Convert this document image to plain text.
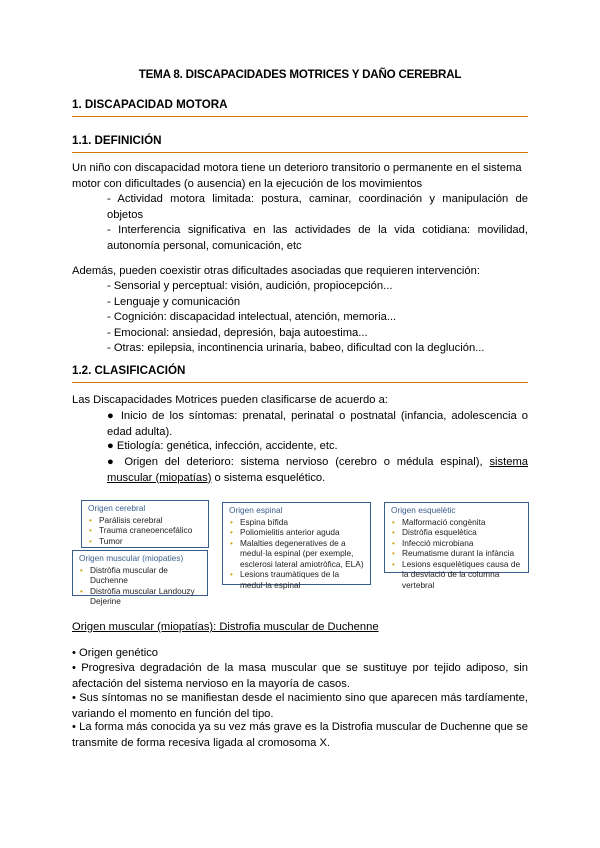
TEMA 8. DISCAPACIDADES MOTRICES Y DAÑO CEREBRAL
1. DISCAPACIDAD MOTORA
1.1. DEFINICIÓN
Un niño con discapacidad motora tiene un deterioro transitorio o permanente en el sistema
motor con dificultades (o ausencia) en la ejecución de los movimientos
- Actividad motora limitada: postura, caminar, coordinación y manipulación de objetos
- Interferencia significativa en las actividades de la vida cotidiana: movilidad, autonomía personal, comunicación, etc
Además, pueden coexistir otras dificultades asociadas que requieren intervención:
- Sensorial y perceptual: visión, audición, propiocepción...
- Lenguaje y comunicación
- Cognición: discapacidad intelectual, atención, memoria...
- Emocional: ansiedad, depresión, baja autoestima...
- Otras: epilepsia, incontinencia urinaria, babeo, dificultad con la deglución...
1.2. CLASIFICACIÓN
Las Discapacidades Motrices pueden clasificarse de acuerdo a:
● Inicio de los síntomas: prenatal, perinatal o postnatal (infancia, adolescencia o edad adulta).
● Etiología: genética, infección, accidente, etc.
● Origen del deterioro: sistema nervioso (cerebro o médula espinal), sistema muscular (miopatías) o sistema esquelético.
Origen cerebral
• Parálisis cerebral
• Trauma craneoencefálico
• Tumor
Origen espinal
• Espina bífida
• Poliomielitis anterior aguda
• Malalties degeneratives de a medul·la espinal (per exemple, esclerosi lateral amiotròfica, ELA)
• Lesions traumàtiques de la medul·la espinal
Origen esquelètic
• Malformació congènita
• Distròfia esquelètica
• Infecció microbiana
• Reumatisme durant la infància
• Lesions esquelètiques causa de la desviació de la columna vertebral
Origen muscular (miopaties)
• Distròfia muscular de Duchenne
• Distròfia muscular Landouzy Dejerine
Origen muscular (miopatías): Distrofia muscular de Duchenne
• Origen genético
• Progresiva degradación de la masa muscular que se sustituye por tejido adiposo, sin afectación del sistema nervioso en la mayoría de casos.
• Sus síntomas no se manifiestan desde el nacimiento sino que aparecen más tardíamente, variando el momento en función del tipo.
• La forma más conocida ya su vez más grave es la Distrofia muscular de Duchenne que se transmite de forma recesiva ligada al cromosoma X.
